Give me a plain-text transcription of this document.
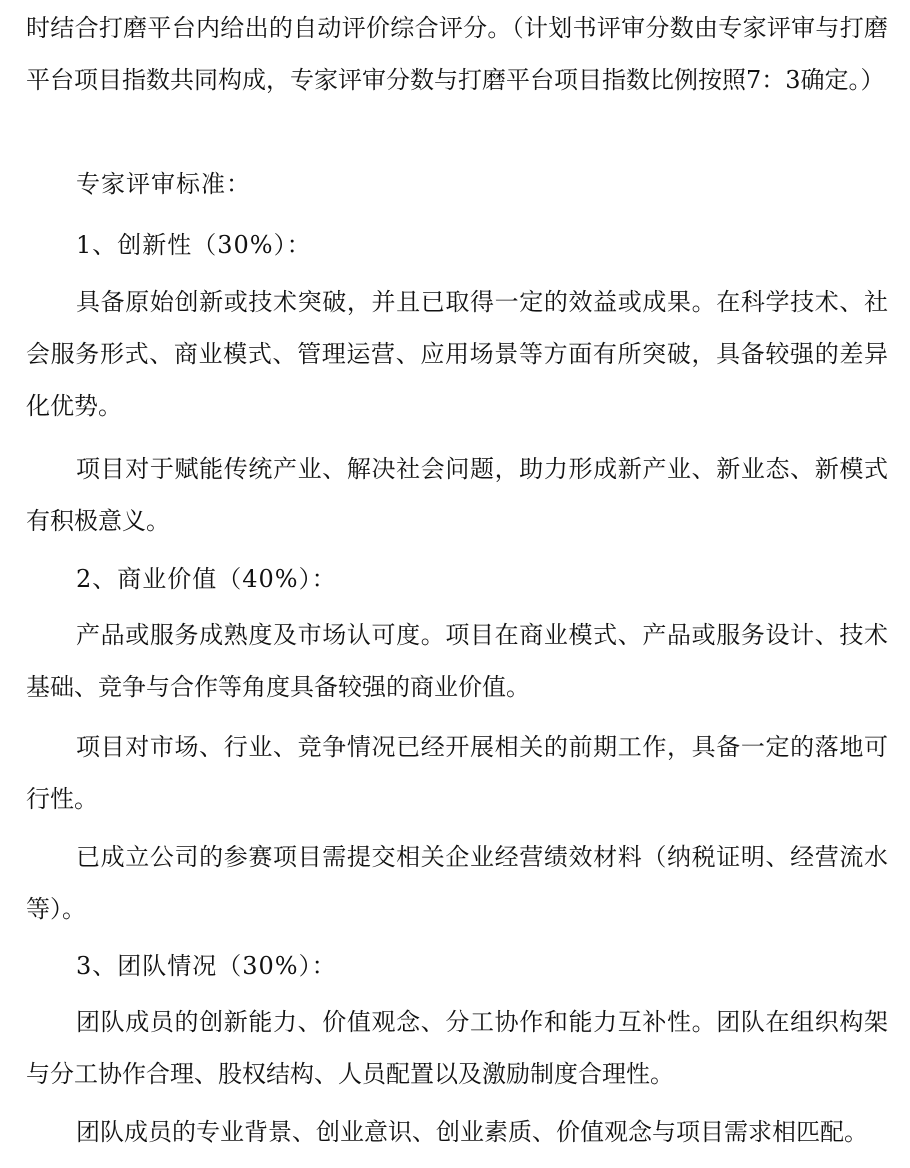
时结合打磨平台内给出的自动评价综合评分。（计划书评审分数由专家评审与打磨平台项目指数共同构成，专家评审分数与打磨平台项目指数比例按照7：3确定。）

专家评审标准：

1、创新性（30%）：

具备原始创新或技术突破，并且已取得一定的效益或成果。在科学技术、社会服务形式、商业模式、管理运营、应用场景等方面有所突破，具备较强的差异化优势。

项目对于赋能传统产业、解决社会问题，助力形成新产业、新业态、新模式有积极意义。

2、商业价值（40%）：

产品或服务成熟度及市场认可度。项目在商业模式、产品或服务设计、技术基础、竞争与合作等角度具备较强的商业价值。

项目对市场、行业、竞争情况已经开展相关的前期工作，具备一定的落地可行性。

已成立公司的参赛项目需提交相关企业经营绩效材料（纳税证明、经营流水等）。

3、团队情况（30%）：

团队成员的创新能力、价值观念、分工协作和能力互补性。团队在组织构架与分工协作合理、股权结构、人员配置以及激励制度合理性。

团队成员的专业背景、创业意识、创业素质、价值观念与项目需求相匹配。
